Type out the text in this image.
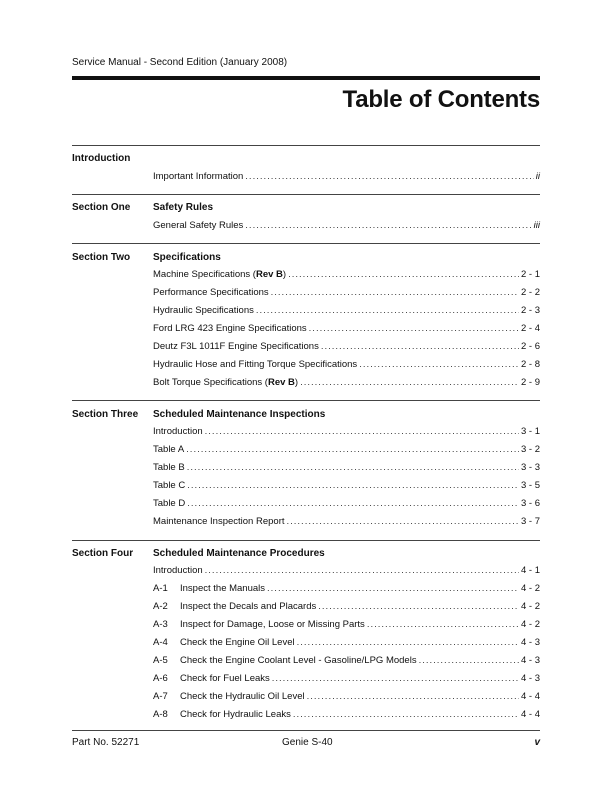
Service Manual - Second Edition (January 2008)
Table of Contents
Introduction
Important Information .....	ii
Section One Safety Rules
General Safety Rules .....	iii
Section Two Specifications
Machine Specifications (Rev B) .....	2 - 1
Performance Specifications .....	2 - 2
Hydraulic Specifications .....	2 - 3
Ford LRG 423 Engine Specifications .....	2 - 4
Deutz F3L 1011F Engine Specifications .....	2 - 6
Hydraulic Hose and Fitting Torque Specifications .....	2 - 8
Bolt Torque Specifications (Rev B) .....	2 - 9
Section Three Scheduled Maintenance Inspections
Introduction .....	3 - 1
Table A .....	3 - 2
Table B .....	3 - 3
Table C .....	3 - 5
Table D .....	3 - 6
Maintenance Inspection Report .....	3 - 7
Section Four Scheduled Maintenance Procedures
Introduction .....	4 - 1
A-1	Inspect the Manuals .....	4 - 2
A-2	Inspect the Decals and Placards .....	4 - 2
A-3	Inspect for Damage, Loose or Missing Parts .....	4 - 2
A-4	Check the Engine Oil Level .....	4 - 3
A-5	Check the Engine Coolant Level - Gasoline/LPG Models .....	4 - 3
A-6	Check for Fuel Leaks .....	4 - 3
A-7	Check the Hydraulic Oil Level .....	4 - 4
A-8	Check for Hydraulic Leaks .....	4 - 4
Part No. 52271	Genie S-40	v
